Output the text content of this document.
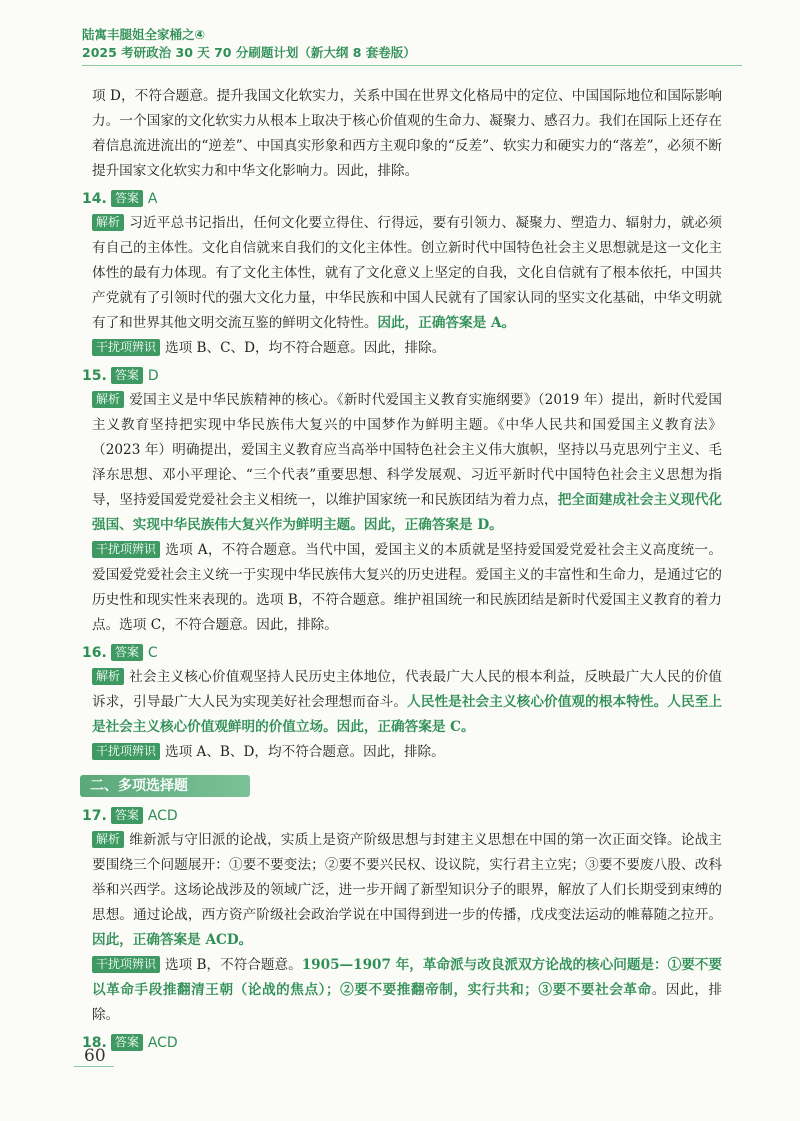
陆寓丰腿姐全家桶之④
2025 考研政治 30 天 70 分刷题计划（新大纲 8 套卷版）

项 D，不符合题意。提升我国文化软实力，关系中国在世界文化格局中的定位、中国国际地位和国际影响力。一个国家的文化软实力从根本上取决于核心价值观的生命力、凝聚力、感召力。我们在国际上还存在着信息流进流出的“逆差”、中国真实形象和西方主观印象的“反差”、软实力和硬实力的“落差”，必须不断提升国家文化软实力和中华文化影响力。因此，排除。

14. 答案 A

解析 习近平总书记指出，任何文化要立得住、行得远，要有引领力、凝聚力、塑造力、辐射力，就必须有自己的主体性。文化自信就来自我们的文化主体性。创立新时代中国特色社会主义思想就是这一文化主体性的最有力体现。有了文化主体性，就有了文化意义上坚定的自我，文化自信就有了根本依托，中国共产党就有了引领时代的强大文化力量，中华民族和中国人民就有了国家认同的坚实文化基础，中华文明就有了和世界其他文明交流互鉴的鲜明文化特性。因此，正确答案是 A。

干扰项辨识 选项 B、C、D，均不符合题意。因此，排除。

15. 答案 D

解析 爱国主义是中华民族精神的核心。《新时代爱国主义教育实施纲要》（2019 年）提出，新时代爱国主义教育坚持把实现中华民族伟大复兴的中国梦作为鲜明主题。《中华人民共和国爱国主义教育法》（2023 年）明确提出，爱国主义教育应当高举中国特色社会主义伟大旗帜，坚持以马克思列宁主义、毛泽东思想、邓小平理论、“三个代表”重要思想、科学发展观、习近平新时代中国特色社会主义思想为指导，坚持爱国爱党爱社会主义相统一，以维护国家统一和民族团结为着力点，把全面建成社会主义现代化强国、实现中华民族伟大复兴作为鲜明主题。因此，正确答案是 D。

干扰项辨识 选项 A，不符合题意。当代中国，爱国主义的本质就是坚持爱国爱党爱社会主义高度统一。爱国爱党爱社会主义统一于实现中华民族伟大复兴的历史进程。爱国主义的丰富性和生命力，是通过它的历史性和现实性来表现的。选项 B，不符合题意。维护祖国统一和民族团结是新时代爱国主义教育的着力点。选项 C，不符合题意。因此，排除。

16. 答案 C

解析 社会主义核心价值观坚持人民历史主体地位，代表最广大人民的根本利益，反映最广大人民的价值诉求，引导最广大人民为实现美好社会理想而奋斗。人民性是社会主义核心价值观的根本特性。人民至上是社会主义核心价值观鲜明的价值立场。因此，正确答案是 C。

干扰项辨识 选项 A、B、D，均不符合题意。因此，排除。

二、多项选择题
17. 答案 ACD

解析 维新派与守旧派的论战，实质上是资产阶级思想与封建主义思想在中国的第一次正面交锋。论战主要围绕三个问题展开：①要不要变法；②要不要兴民权、设议院，实行君主立宪；③要不要废八股、改科举和兴西学。这场论战涉及的领域广泛，进一步开阔了新型知识分子的眼界，解放了人们长期受到束缚的思想。通过论战，西方资产阶级社会政治学说在中国得到进一步的传播，戊戌变法运动的帷幕随之拉开。因此，正确答案是 ACD。

干扰项辨识 选项 B，不符合题意。1905—1907 年，革命派与改良派双方论战的核心问题是：①要不要以革命手段推翻清王朝（论战的焦点）；②要不要推翻帝制，实行共和；③要不要社会革命。因此，排除。

18. 答案 ACD
60
